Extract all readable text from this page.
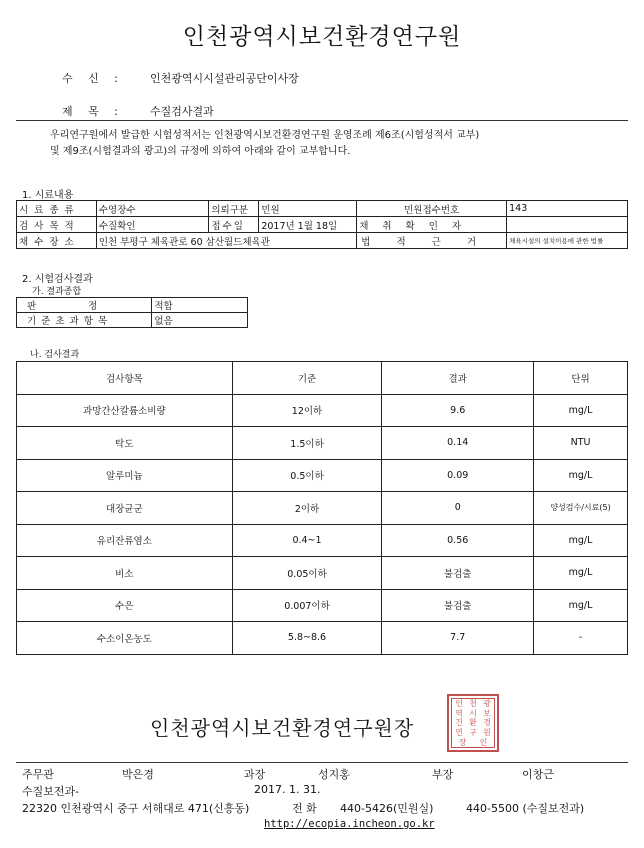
인천광역시보건환경연구원
수 신 : 인천광역시시설관리공단이사장
제 목 : 수질검사결과
우리연구원에서 발급한 시험성적서는 인천광역시보건환경연구원 운영조례 제6조(시험성적서 교부)
및 제9조(시험결과의 광고)의 규정에 의하여 아래와 같이 교부합니다.
1. 시료내용
시료종류	수영장수	의뢰구분	민원	민원접수번호	143
검사목적	수질확인	접수일	2017년 1월 18일	채취확인자	
채수장소	인천 부평구 체육관로 60 삼산월드체육관			법적근거	체육시설의 설치이용에 관한 법률
2. 시험검사결과
가. 결과종합
판정	적합
기준초과항목	없음
나. 검사결과
검사항목	기준	결과	단위
과망간산칼륨소비량	12이하	9.6	mg/L
탁도	1.5이하	0.14	NTU
알루미늄	0.5이하	0.09	mg/L
대장균군	2이하	0	양성검수/시료(5)
유리잔류염소	0.4~1	0.56	mg/L
비소	0.05이하	불검출	mg/L
수은	0.007이하	불검출	mg/L
수소이온농도	5.8~8.6	7.7	-
인천광역시보건환경연구원장
인 천 광
역 시 보
건 환 경
연 구 원
장	인
주무관	박은경	과장	성지홍	부장	이창근
수질보전과-	2017. 1. 31.
22320 인천광역시 중구 서해대로 471(신흥동)	전 화 440-5426(민원실)	440-5500 (수질보전과)
http://ecopia.incheon.go.kr
